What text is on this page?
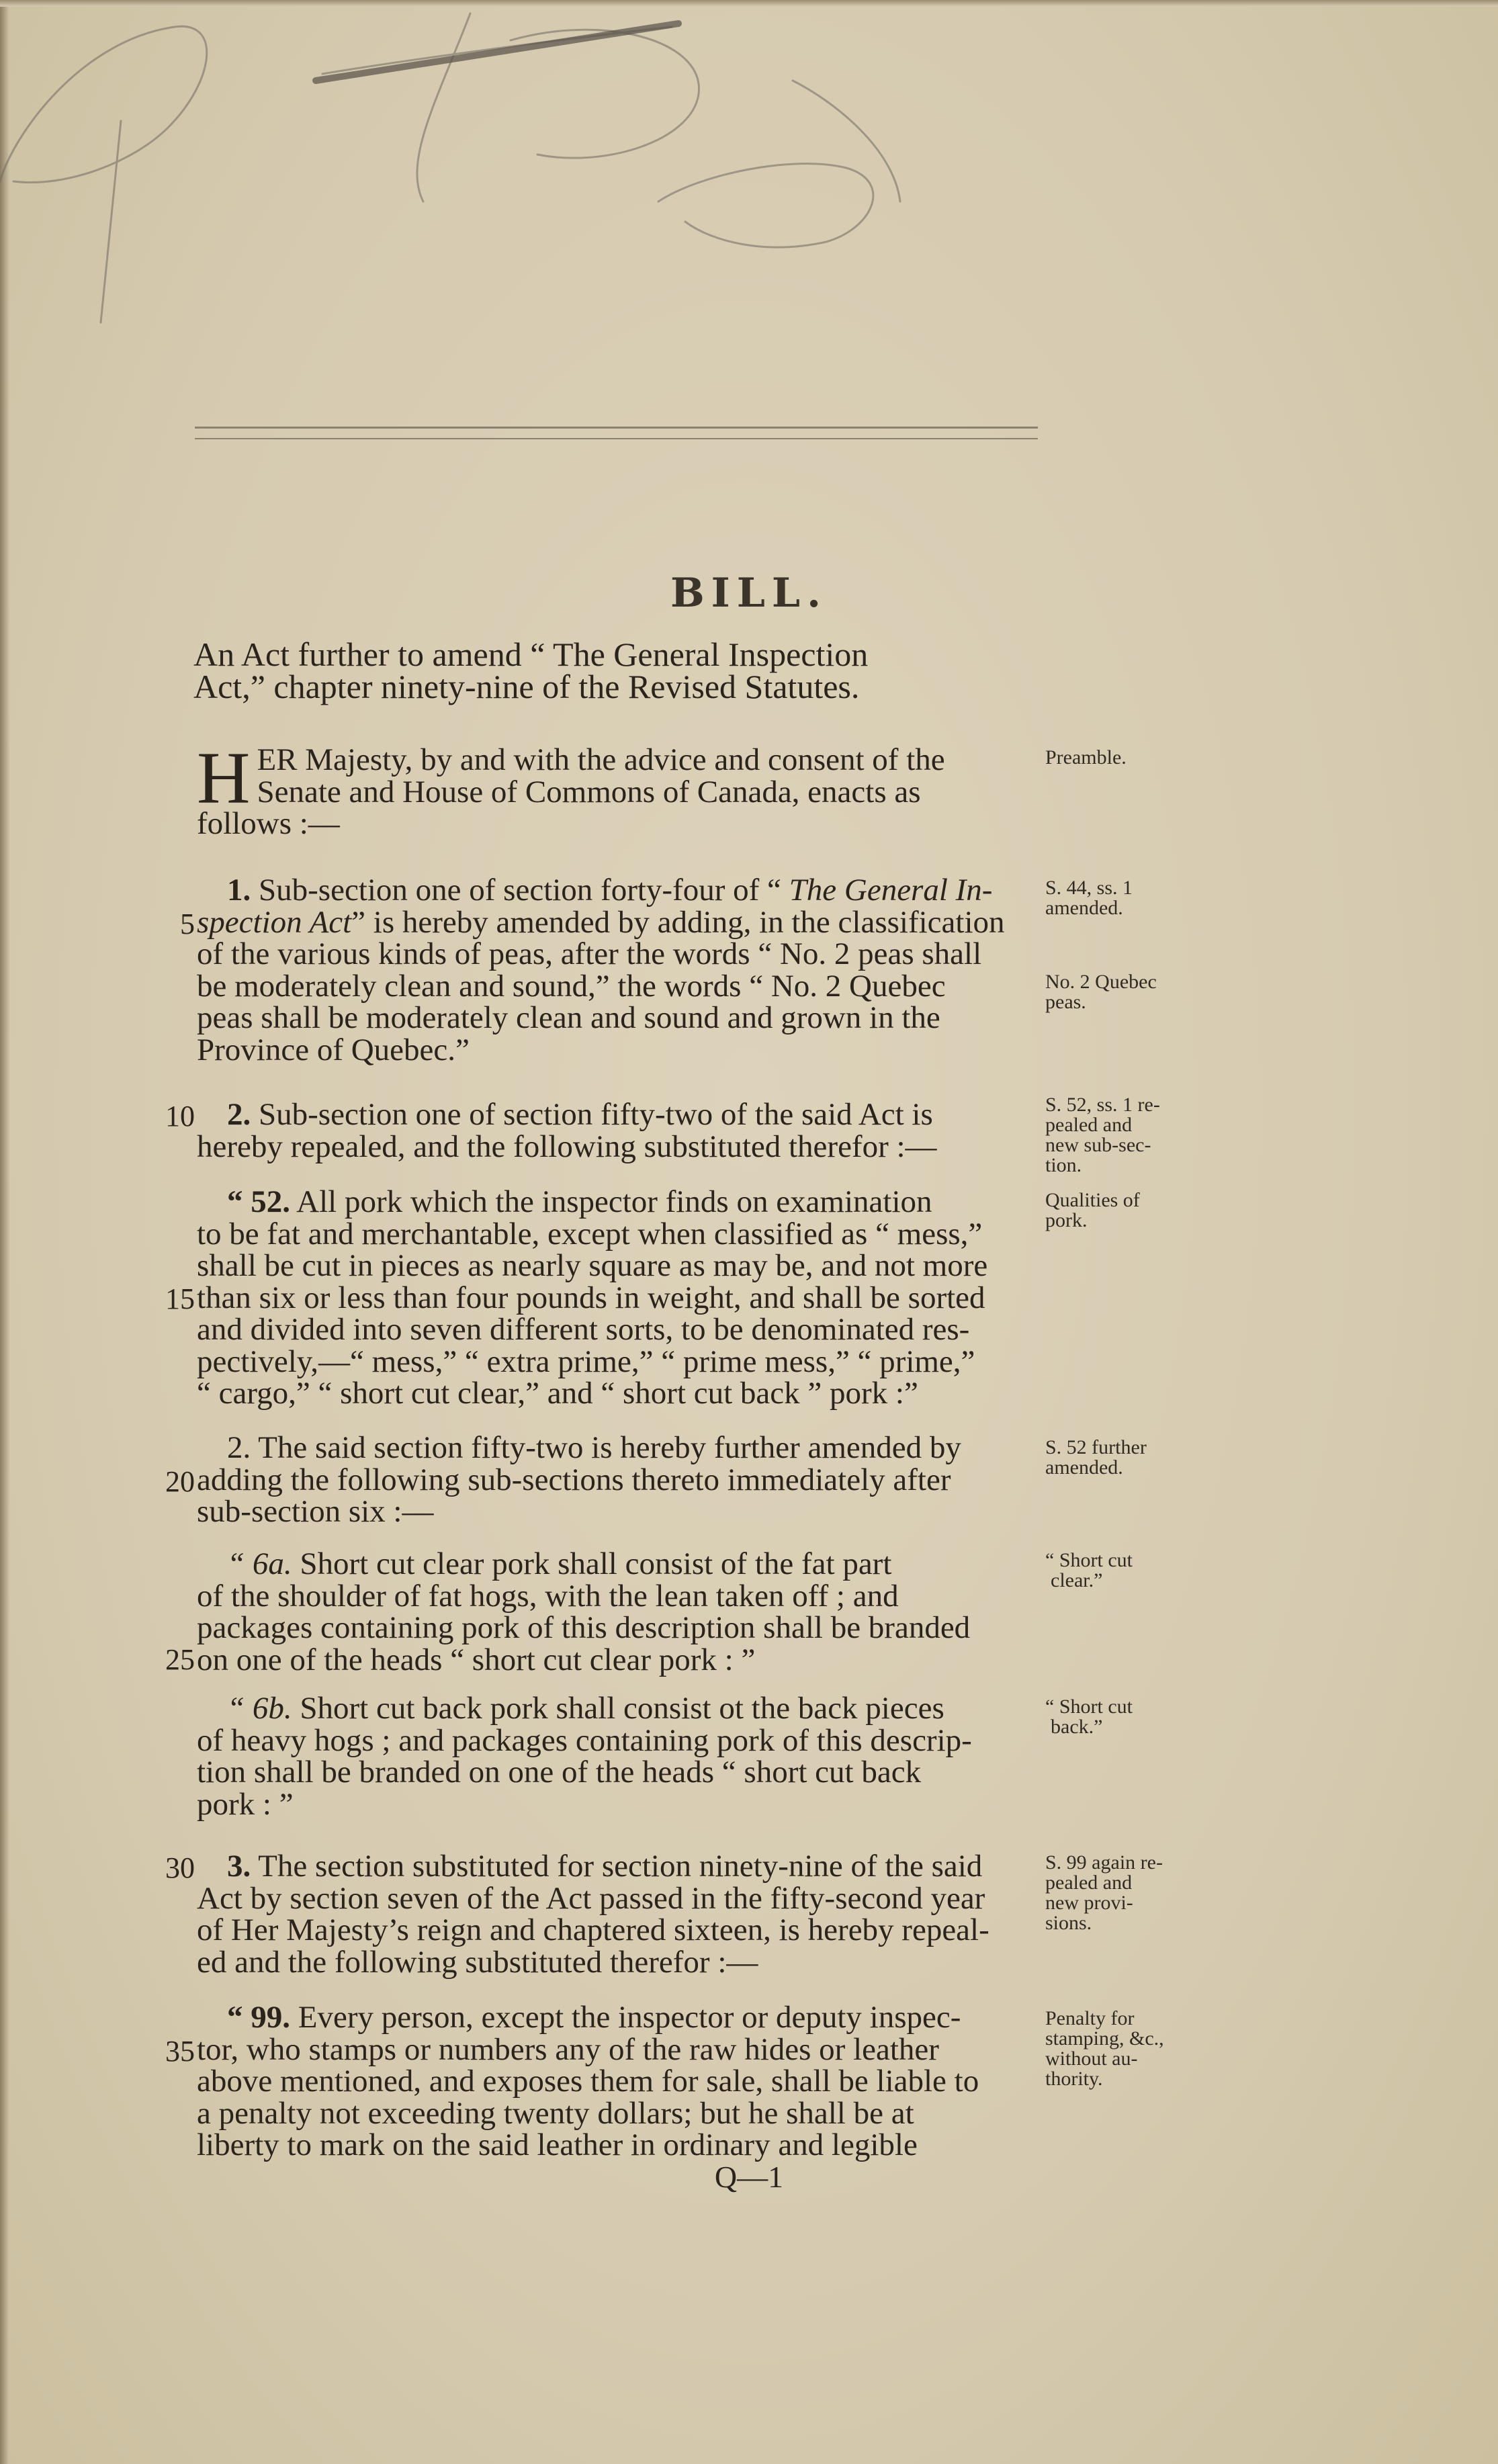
BILL.
An Act further to amend “ The General Inspection
Act,” chapter ninety-nine of the Revised Statutes.
H ER Majesty, by and with the advice and consent of the
Senate and House of Commons of Canada, enacts as
follows :—
1. Sub-section one of section forty-four of “ The General In-
spection Act” is hereby amended by adding, in the classification
of the various kinds of peas, after the words “ No. 2 peas shall
be moderately clean and sound,” the words “ No. 2 Quebec
peas shall be moderately clean and sound and grown in the
Province of Quebec.”
2. Sub-section one of section fifty-two of the said Act is
hereby repealed, and the following substituted therefor :—
“ 52. All pork which the inspector finds on examination
to be fat and merchantable, except when classified as “ mess,”
shall be cut in pieces as nearly square as may be, and not more
than six or less than four pounds in weight, and shall be sorted
and divided into seven different sorts, to be denominated res-
pectively,—“ mess,” “ extra prime,” “ prime mess,” “ prime,”
“ cargo,” “ short cut clear,” and “ short cut back ” pork :”
2. The said section fifty-two is hereby further amended by
adding the following sub-sections thereto immediately after
sub-section six :—
“ 6a. Short cut clear pork shall consist of the fat part
of the shoulder of fat hogs, with the lean taken off ; and
packages containing pork of this description shall be branded
on one of the heads “ short cut clear pork : ”
“ 6b. Short cut back pork shall consist ot the back pieces
of heavy hogs ; and packages containing pork of this descrip-
tion shall be branded on one of the heads “ short cut back
pork : ”
3. The section substituted for section ninety-nine of the said
Act by section seven of the Act passed in the fifty-second year
of Her Majesty’s reign and chaptered sixteen, is hereby repeal-
ed and the following substituted therefor :—
“ 99. Every person, except the inspector or deputy inspec-
tor, who stamps or numbers any of the raw hides or leather
above mentioned, and exposes them for sale, shall be liable to
a penalty not exceeding twenty dollars; but he shall be at
liberty to mark on the said leather in ordinary and legible
5
10
15
20
25
30
35
Preamble.
S. 44, ss. 1
amended.
No. 2 Quebec
peas.
S. 52, ss. 1 re-
pealed and
new sub-sec-
tion.
Qualities of
pork.
S. 52 further
amended.
“ Short cut
clear.”
“ Short cut
back.”
S. 99 again re-
pealed and
new provi-
sions.
Penalty for
stamping, &c.,
without au-
thority.
Q—1
